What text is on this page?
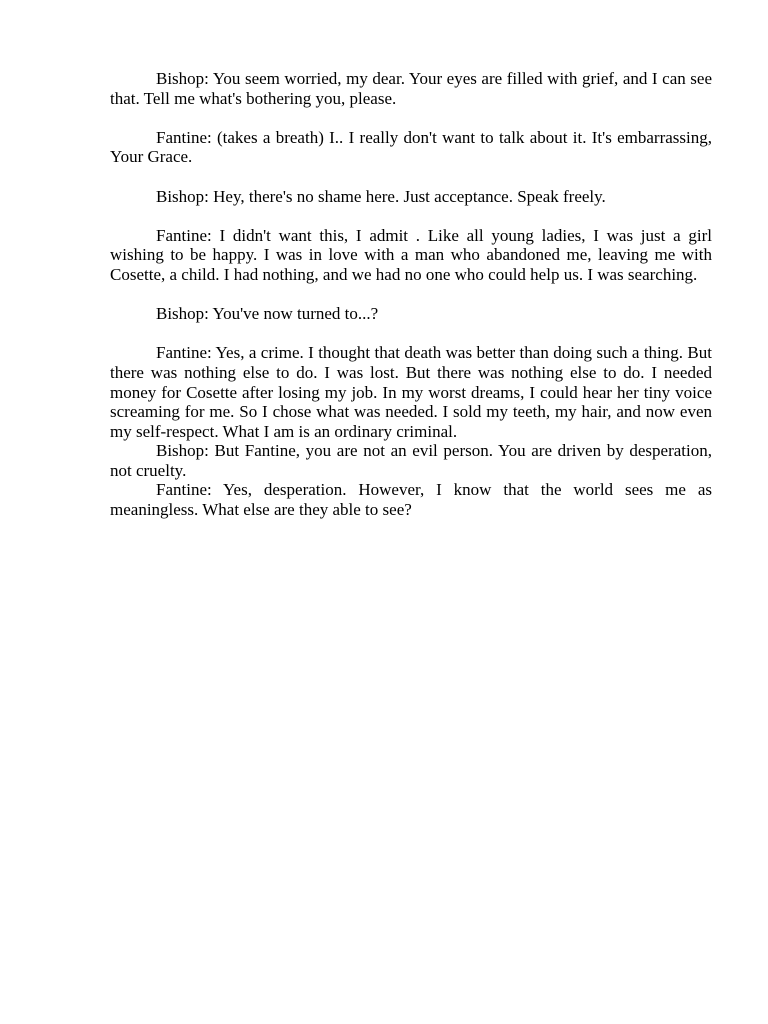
Bishop: You seem worried, my dear. Your eyes are filled with grief, and I can see that. Tell me what's bothering you, please.

Fantine: (takes a breath) I.. I really don't want to talk about it. It's embarrassing, Your Grace.

Bishop: Hey, there's no shame here. Just acceptance. Speak freely.

Fantine: I didn't want this, I admit . Like all young ladies, I was just a girl wishing to be happy. I was in love with a man who abandoned me, leaving me with Cosette, a child. I had nothing, and we had no one who could help us. I was searching.

Bishop: You've now turned to...?

Fantine: Yes, a crime. I thought that death was better than doing such a thing. But there was nothing else to do. I was lost. But there was nothing else to do. I needed money for Cosette after losing my job. In my worst dreams, I could hear her tiny voice screaming for me. So I chose what was needed. I sold my teeth, my hair, and now even my self-respect. What I am is an ordinary criminal.

Bishop: But Fantine, you are not an evil person. You are driven by desperation, not cruelty.

Fantine: Yes, desperation. However, I know that the world sees me as meaningless. What else are they able to see?
